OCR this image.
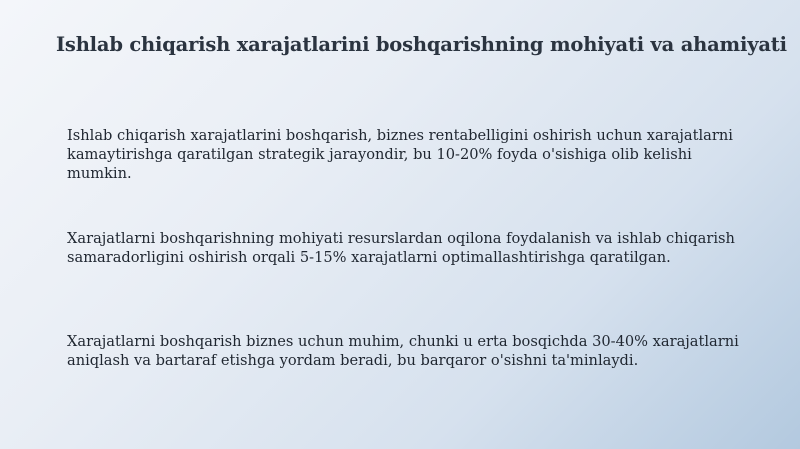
Ishlab chiqarish xarajatlarini boshqarishning mohiyati va ahamiyati

Ishlab chiqarish xarajatlarini boshqarish, biznes rentabelligini oshirish uchun xarajatlarni kamaytirishga qaratilgan strategik jarayondir, bu 10-20% foyda o'sishiga olib kelishi mumkin.

Xarajatlarni boshqarishning mohiyati resurslardan oqilona foydalanish va ishlab chiqarish samaradorligini oshirish orqali 5-15% xarajatlarni optimallashtirishga qaratilgan.

Xarajatlarni boshqarish biznes uchun muhim, chunki u erta bosqichda 30-40% xarajatlarni aniqlash va bartaraf etishga yordam beradi, bu barqaror o'sishni ta'minlaydi.
